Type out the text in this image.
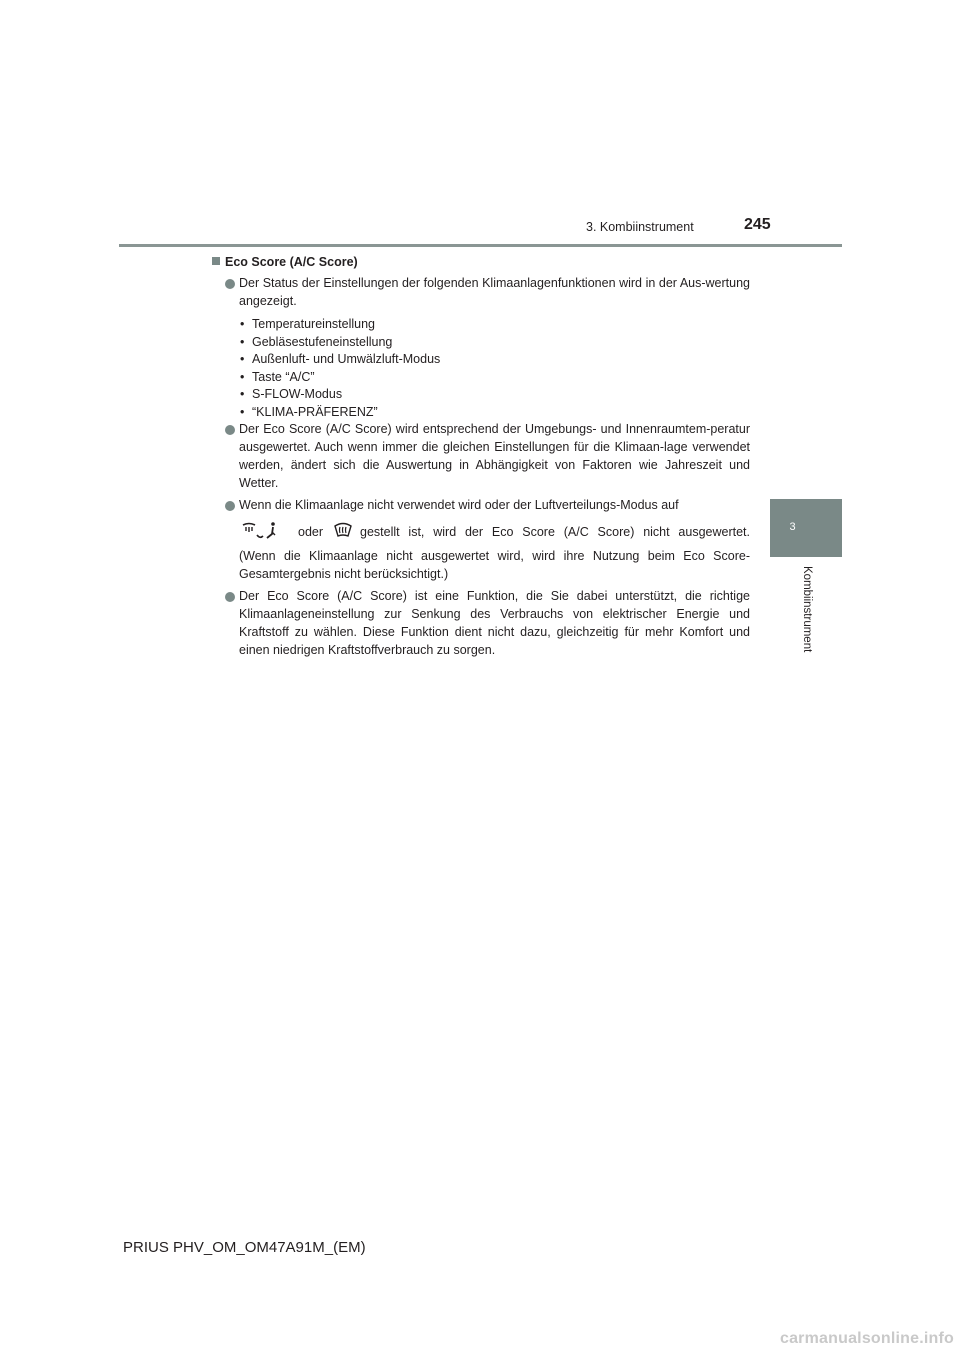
3. Kombiinstrument	245
3
Kombiinstrument
Eco Score (A/C Score)
Der Status der Einstellungen der folgenden Klimaanlagenfunktionen wird in der Aus-wertung angezeigt.
• Temperatureinstellung
• Gebläsestufeneinstellung
• Außenluft- und Umwälzluft-Modus
• Taste “A/C”
• S-FLOW-Modus
• “KLIMA-PRÄFERENZ”
Der Eco Score (A/C Score) wird entsprechend der Umgebungs- und Innenraumtem-peratur ausgewertet. Auch wenn immer die gleichen Einstellungen für die Klimaan-lage verwendet werden, ändert sich die Auswertung in Abhängigkeit von Faktoren wie Jahreszeit und Wetter.
Wenn die Klimaanlage nicht verwendet wird oder der Luftverteilungs-Modus auf
oder	gestellt ist, wird der Eco Score (A/C Score) nicht ausgewertet.
(Wenn die Klimaanlage nicht ausgewertet wird, wird ihre Nutzung beim Eco Score-Gesamtergebnis nicht berücksichtigt.)
Der Eco Score (A/C Score) ist eine Funktion, die Sie dabei unterstützt, die richtige Klimaanlageneinstellung zur Senkung des Verbrauchs von elektrischer Energie und Kraftstoff zu wählen. Diese Funktion dient nicht dazu, gleichzeitig für mehr Komfort und einen niedrigen Kraftstoffverbrauch zu sorgen.
PRIUS PHV_OM_OM47A91M_(EM)
carmanualsonline.info
